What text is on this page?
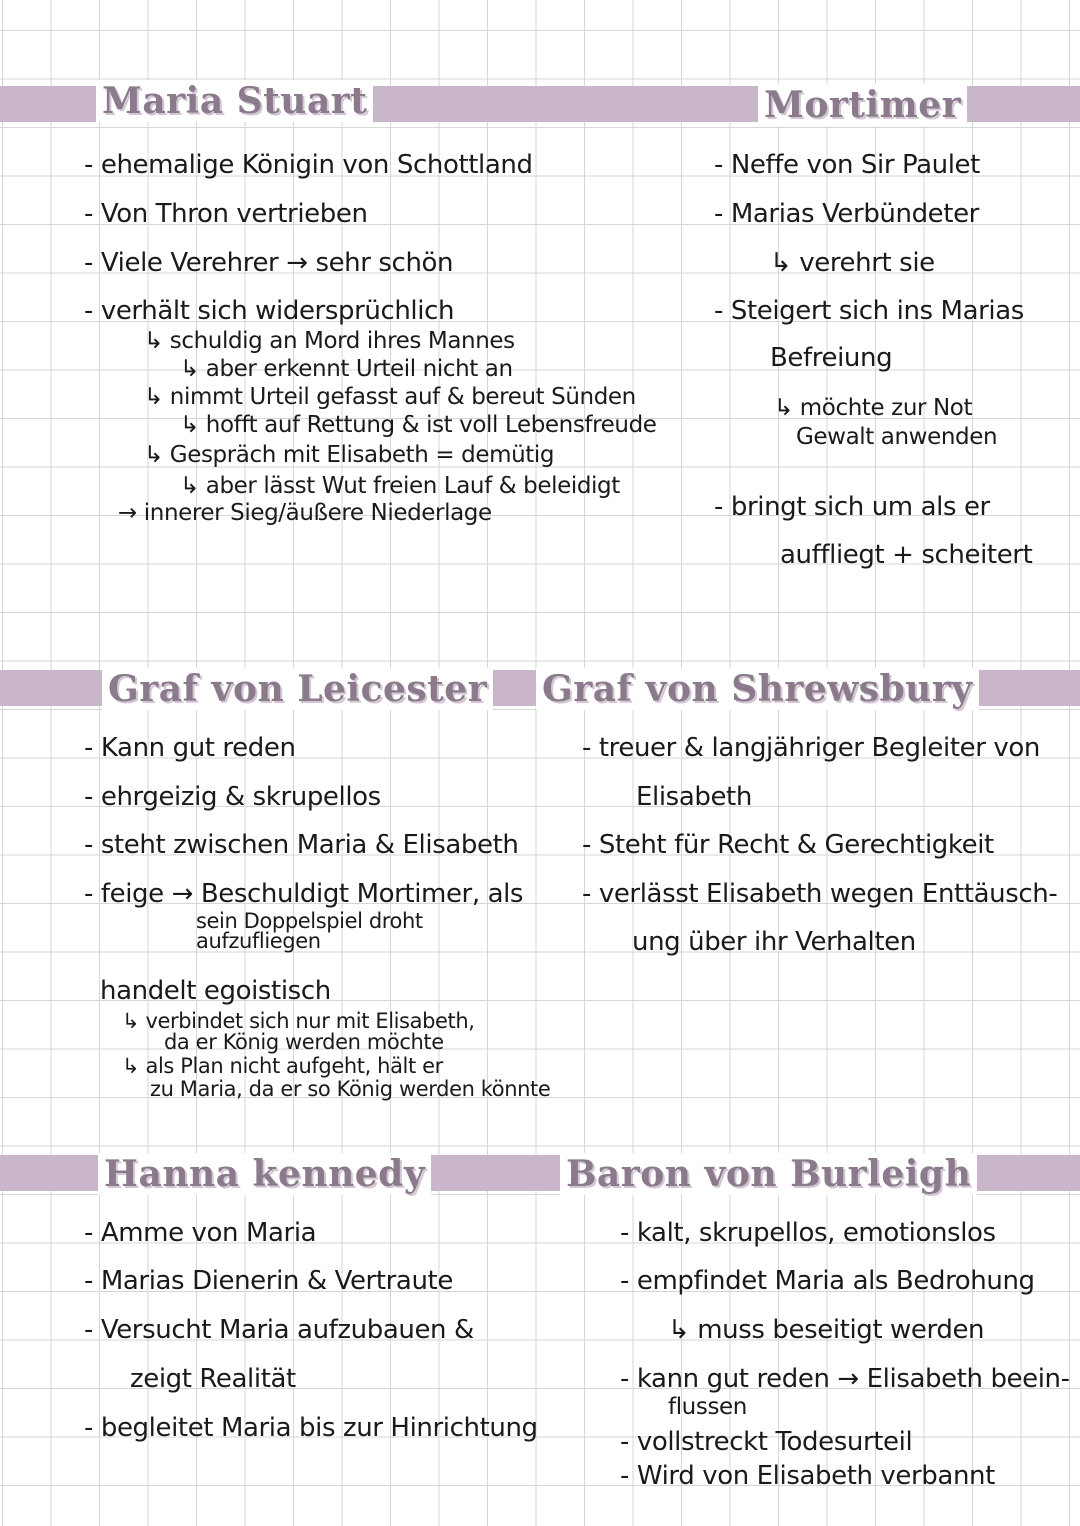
Maria Stuart
- ehemalige Königin von Schottland
- Von Thron vertrieben
- Viele Verehrer → sehr schön
- verhält sich widersprüchlich
↳ schuldig an Mord ihres Mannes
↳ aber erkennt Urteil nicht an
↳ nimmt Urteil gefasst auf & bereut Sünden
↳ hofft auf Rettung & ist voll Lebensfreude
↳ Gespräch mit Elisabeth = demütig
↳ aber lässt Wut freien Lauf & beleidigt
→ innerer Sieg/äußere Niederlage
Mortimer
- Neffe von Sir Paulet
- Marias Verbündeter
↳ verehrt sie
- Steigert sich ins Marias
Befreiung
↳ möchte zur Not
Gewalt anwenden
- bringt sich um als er
auffliegt + scheitert
Graf von Leicester
- Kann gut reden
- ehrgeizig & skrupellos
- steht zwischen Maria & Elisabeth
- feige → Beschuldigt Mortimer, als
sein Doppelspiel droht
aufzufliegen
handelt egoistisch
↳ verbindet sich nur mit Elisabeth,
da er König werden möchte
↳ als Plan nicht aufgeht, hält er
zu Maria, da er so König werden könnte
Graf von Shrewsbury
- treuer & langjähriger Begleiter von
Elisabeth
- Steht für Recht & Gerechtigkeit
- verlässt Elisabeth wegen Enttäusch-
ung über ihr Verhalten
Hanna kennedy
- Amme von Maria
- Marias Dienerin & Vertraute
- Versucht Maria aufzubauen &
zeigt Realität
- begleitet Maria bis zur Hinrichtung
Baron von Burleigh
- kalt, skrupellos, emotionslos
- empfindet Maria als Bedrohung
↳ muss beseitigt werden
- kann gut reden → Elisabeth beein-
flussen
- vollstreckt Todesurteil
- Wird von Elisabeth verbannt
